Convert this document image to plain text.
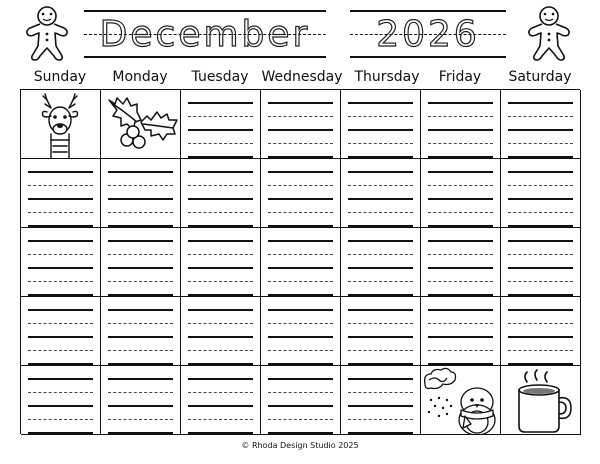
December	2026
Sunday	Monday	Tuesday Wednesday Thursday	Friday	Saturday
© Rhoda Design Studio 2025
